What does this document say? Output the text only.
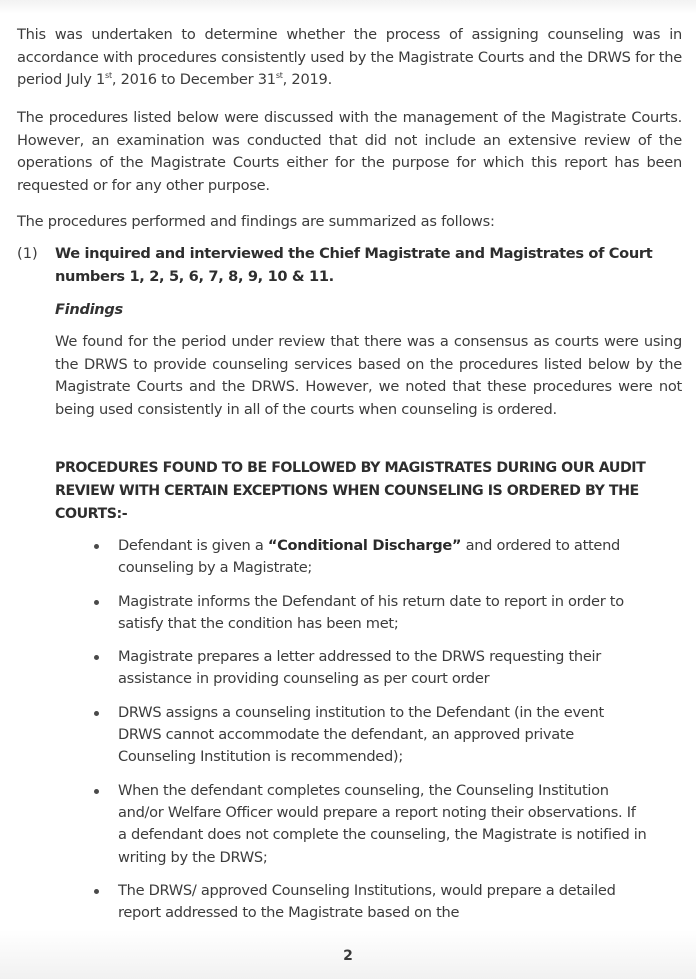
This was undertaken to determine whether the process of assigning counseling was in accordance with procedures consistently used by the Magistrate Courts and the DRWS for the period July 1st, 2016 to December 31st, 2019.

The procedures listed below were discussed with the management of the Magistrate Courts. However, an examination was conducted that did not include an extensive review of the operations of the Magistrate Courts either for the purpose for which this report has been requested or for any other purpose.

The procedures performed and findings are summarized as follows:

(1) We inquired and interviewed the Chief Magistrate and Magistrates of Court numbers 1, 2, 5, 6, 7, 8, 9, 10 & 11.

Findings

We found for the period under review that there was a consensus as courts were using the DRWS to provide counseling services based on the procedures listed below by the Magistrate Courts and the DRWS. However, we noted that these procedures were not being used consistently in all of the courts when counseling is ordered.

PROCEDURES FOUND TO BE FOLLOWED BY MAGISTRATES DURING OUR AUDIT REVIEW WITH CERTAIN EXCEPTIONS WHEN COUNSELING IS ORDERED BY THE COURTS:-

Defendant is given a “Conditional Discharge” and ordered to attend counseling by a Magistrate;
Magistrate informs the Defendant of his return date to report in order to satisfy that the condition has been met;
Magistrate prepares a letter addressed to the DRWS requesting their assistance in providing counseling as per court order
DRWS assigns a counseling institution to the Defendant (in the event DRWS cannot accommodate the defendant, an approved private Counseling Institution is recommended);
When the defendant completes counseling, the Counseling Institution and/or Welfare Officer would prepare a report noting their observations. If a defendant does not complete the counseling, the Magistrate is notified in writing by the DRWS;
The DRWS/ approved Counseling Institutions, would prepare a detailed report addressed to the Magistrate based on the
2
